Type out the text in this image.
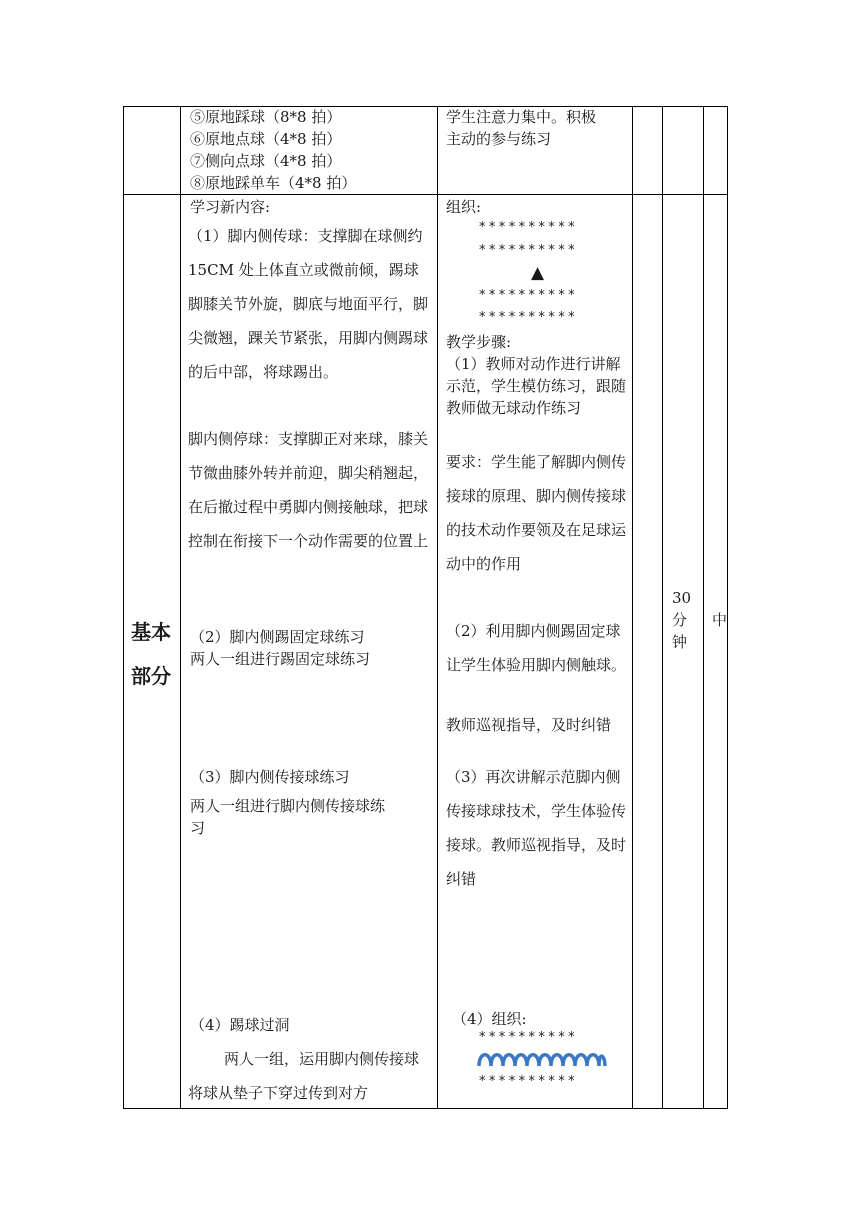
⑤原地踩球（8*8 拍）
⑥原地点球（4*8 拍）
⑦侧向点球（4*8 拍）
⑧原地踩单车（4*8 拍）
学生注意力集中。积极
主动的参与练习
基本
部分
学习新内容:
（1）脚内侧传球：支撑脚在球侧约 15CM 处上体直立或微前倾，踢球脚膝关节外旋，脚底与地面平行，脚尖微翘，踝关节紧张，用脚内侧踢球的后中部，将球踢出。
脚内侧停球：支撑脚正对来球，膝关节微曲膝外转并前迎，脚尖稍翘起，在后撤过程中勇脚内侧接触球，把球控制在衔接下一个动作需要的位置上
（2）脚内侧踢固定球练习
两人一组进行踢固定球练习
（3）脚内侧传接球练习
两人一组进行脚内侧传接球练
习
（4）踢球过洞
两人一组，运用脚内侧传接球将球从垫子下穿过传到对方
组织:
**********
**********
▲
**********
**********
教学步骤:
（1）教师对动作进行讲解示范，学生模仿练习，跟随教师做无球动作练习
要求：学生能了解脚内侧传接球的原理、脚内侧传接球的技术动作要领及在足球运动中的作用
（2）利用脚内侧踢固定球让学生体验用脚内侧触球。
教师巡视指导，及时纠错
（3）再次讲解示范脚内侧传接球球技术，学生体验传接球。教师巡视指导，及时纠错
（4）组织:
**********
**********
30
分
钟
中
